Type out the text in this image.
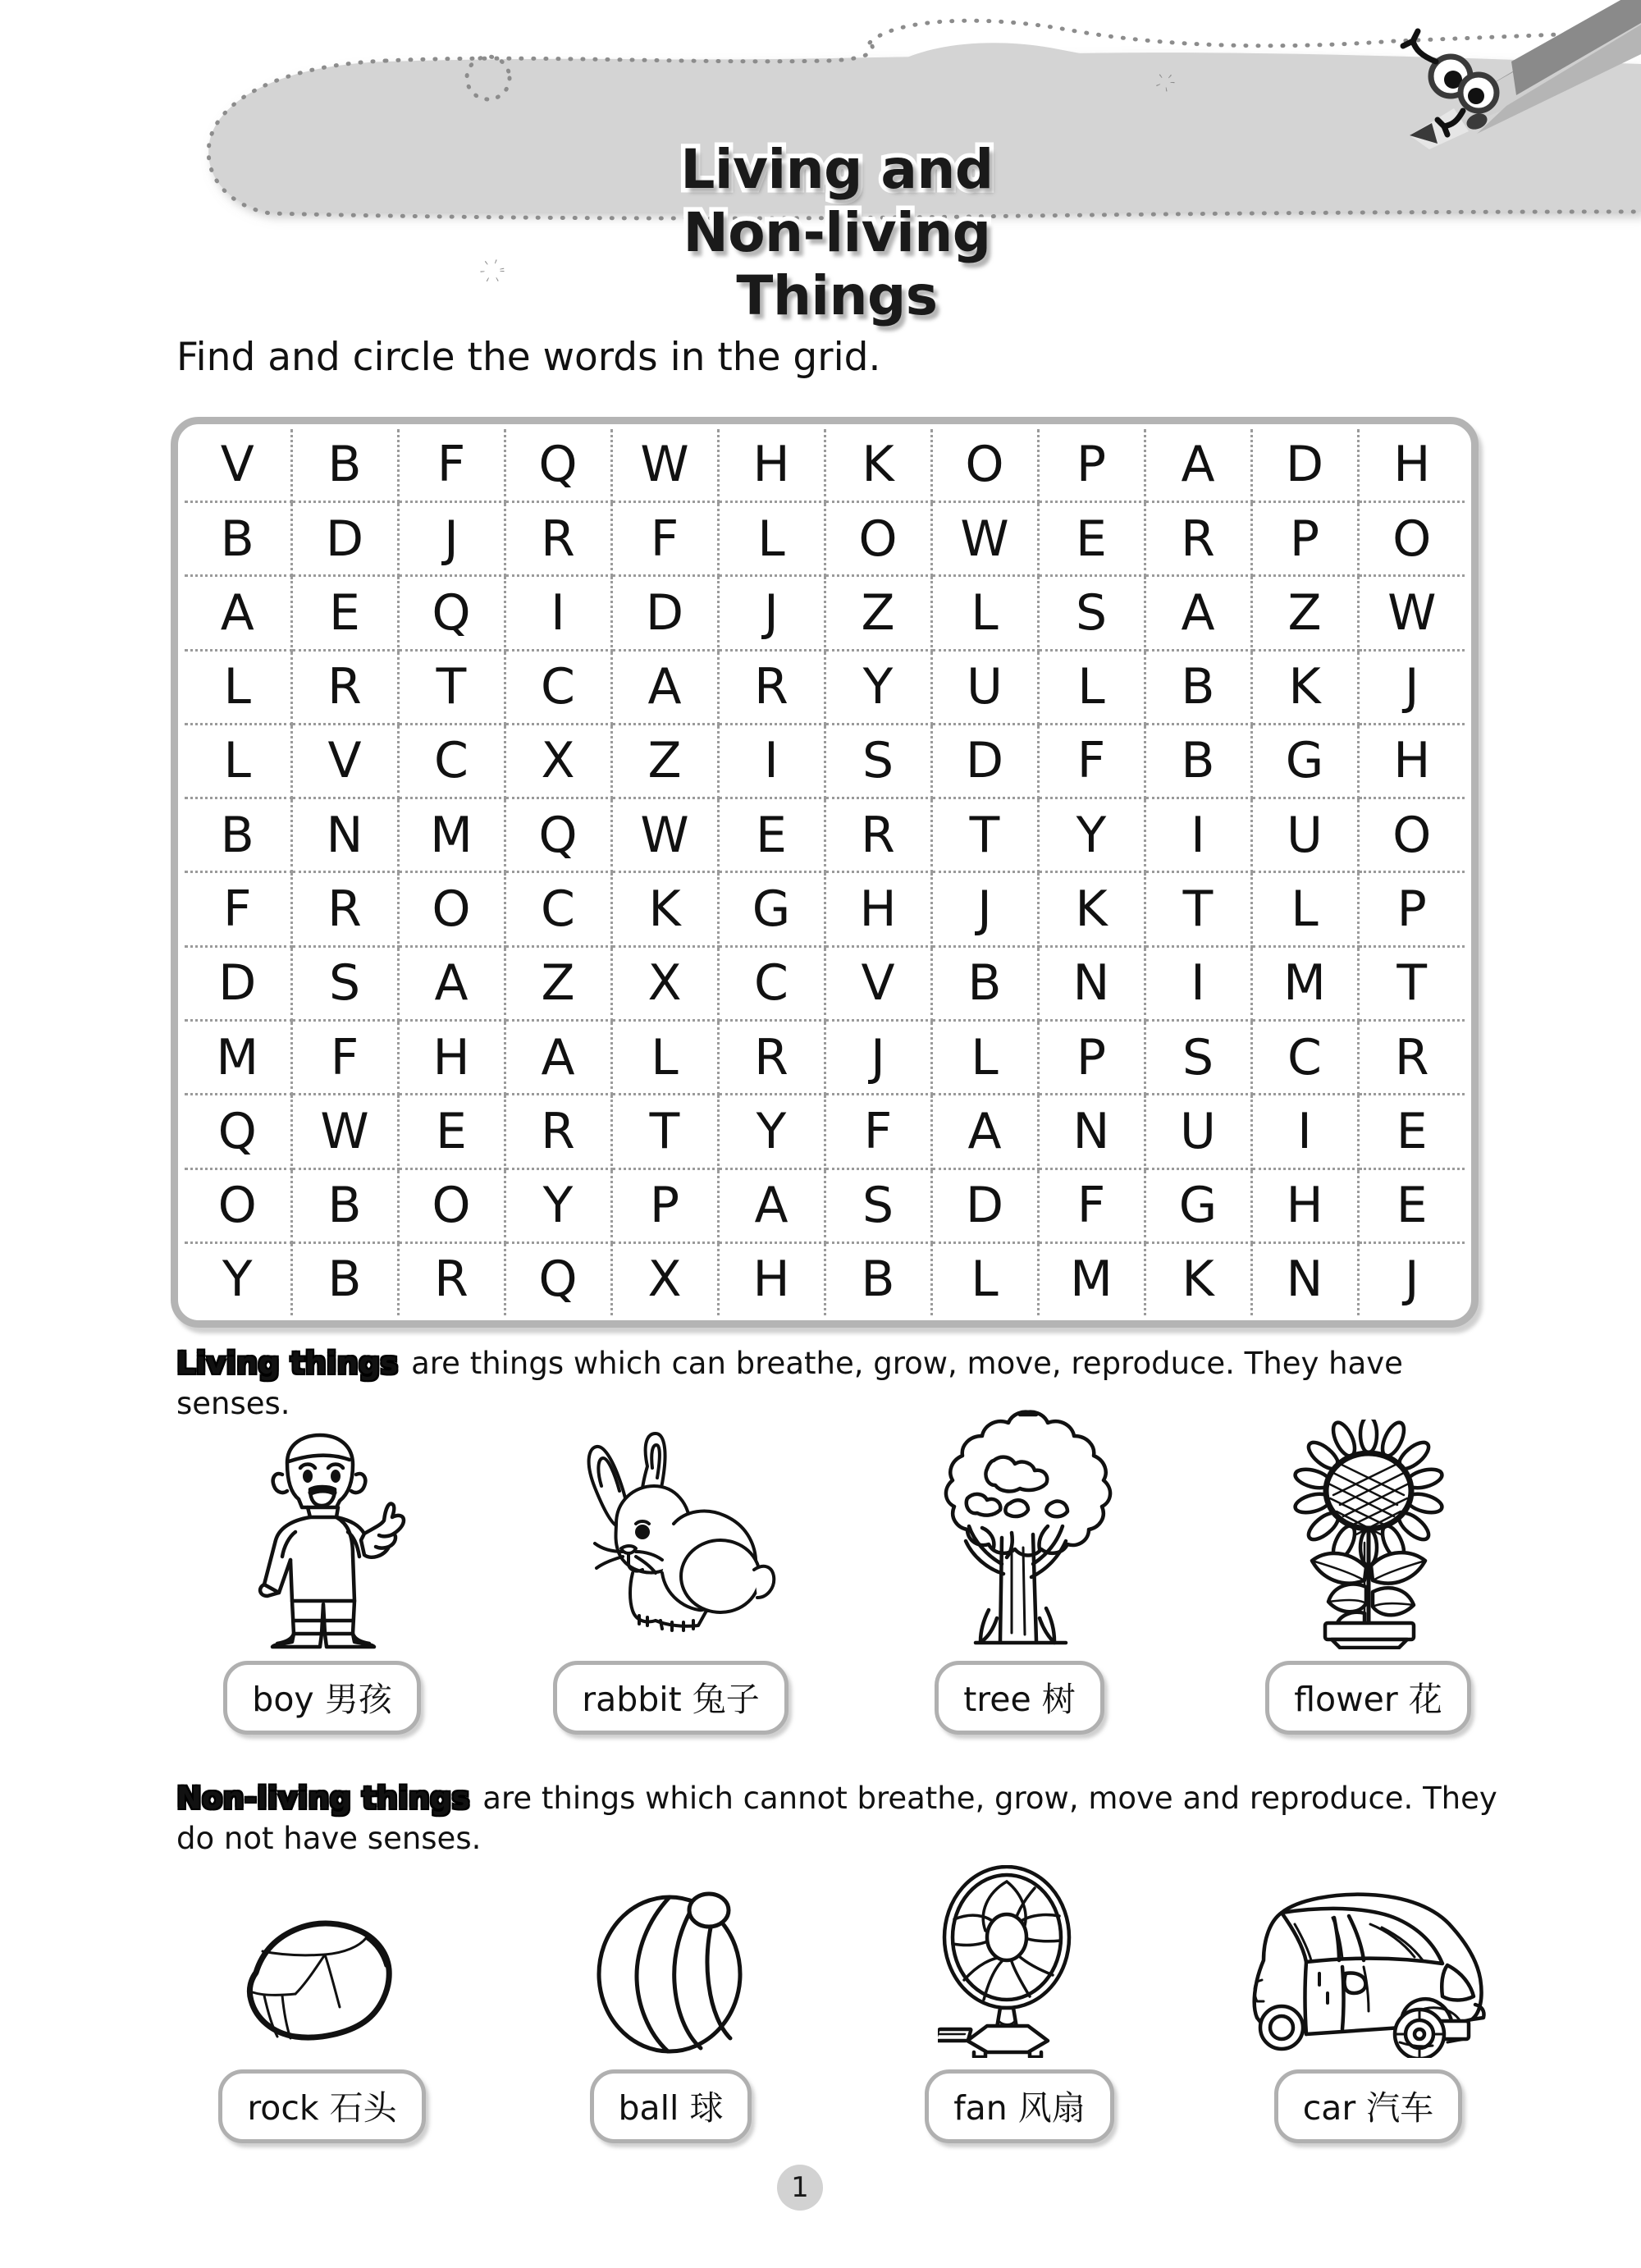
Living and
Non-living Things
Find and circle the words in the grid.
V	B	F	Q	W	H	K	O	P	A	D	H
B	D	J	R	F	L	O	W	E	R	P	O
A	E	Q	I	D	J	Z	L	S	A	Z	W
L	R	T	C	A	R	Y	U	L	B	K	J
L	V	C	X	Z	I	S	D	F	B	G	H
B	N	M	Q	W	E	R	T	Y	I	U	O
F	R	O	C	K	G	H	J	K	T	L	P
D	S	A	Z	X	C	V	B	N	I	M	T
M	F	H	A	L	R	J	L	P	S	C	R
Q	W	E	R	T	Y	F	A	N	U	I	E
O	B	O	Y	P	A	S	D	F	G	H	E
Y	B	R	Q	X	H	B	L	M	K	N	J
Living things are things which can breathe, grow, move, reproduce. They have senses.
boy 男孩	rabbit 兔子	tree 树	flower 花
Non-living things are things which cannot breathe, grow, move and reproduce. They do not have senses.
rock 石头	ball 球	fan 风扇	car 汽车
1
